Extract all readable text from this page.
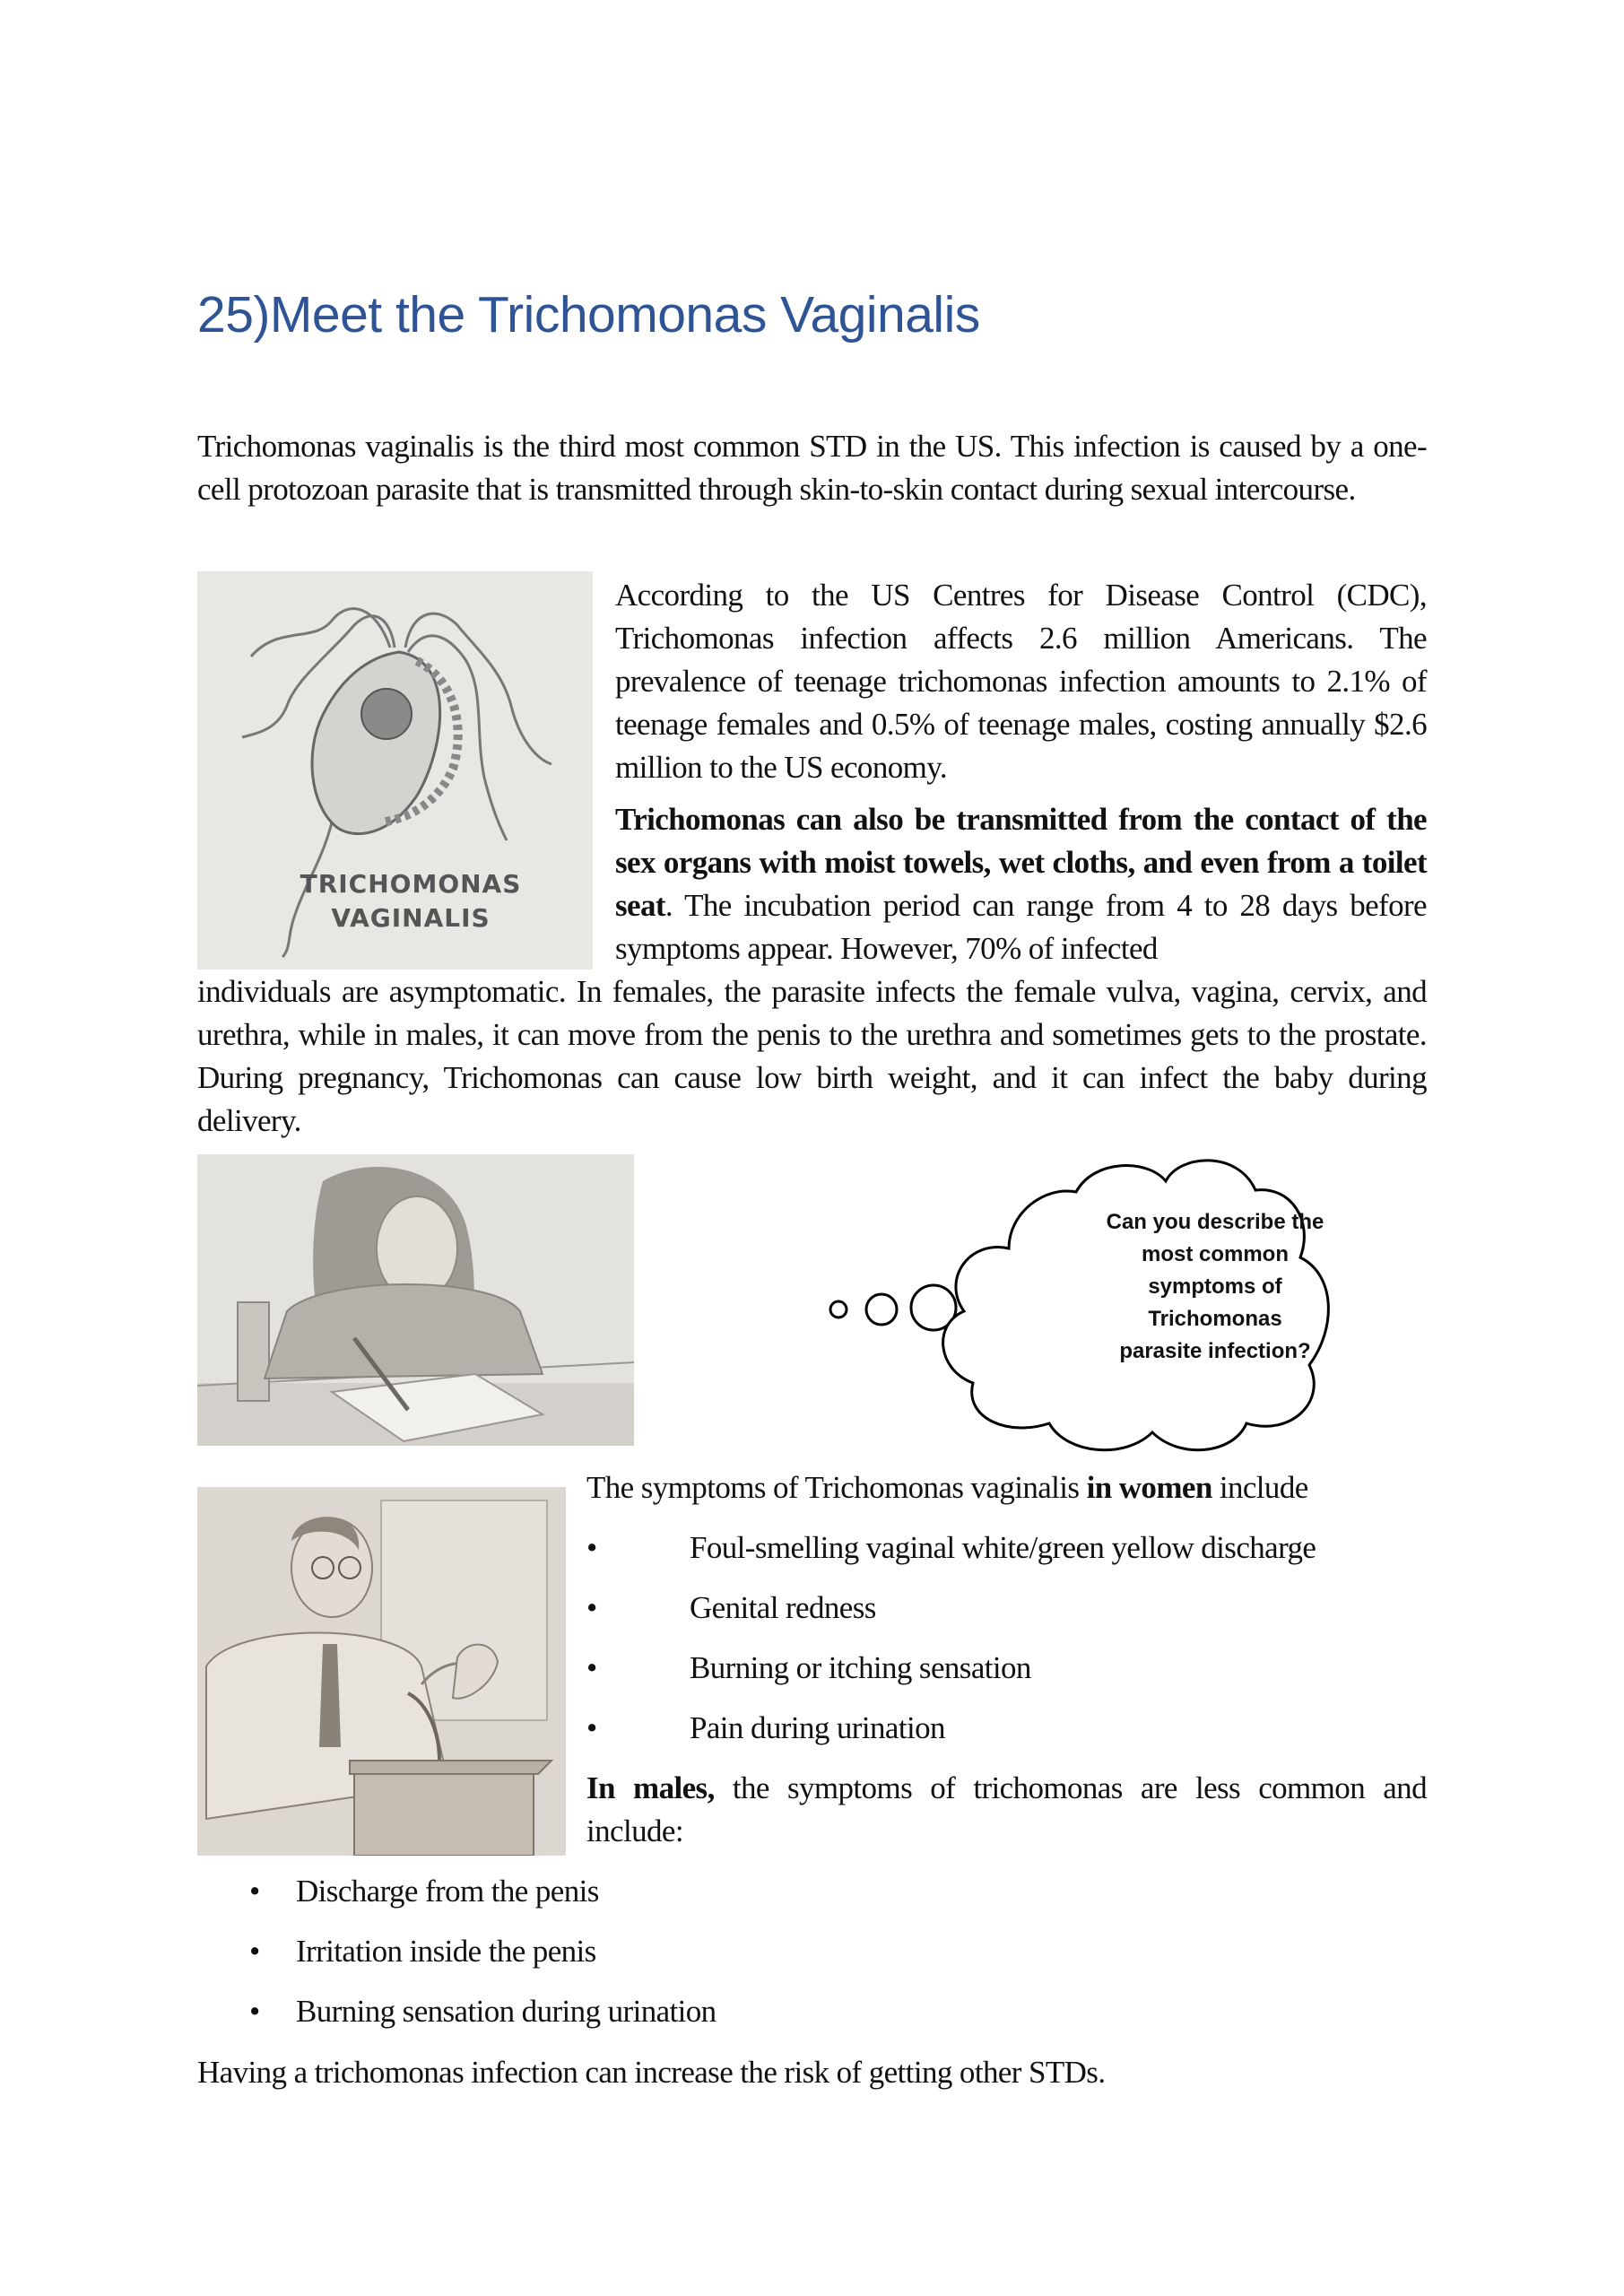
25)Meet the Trichomonas Vaginalis
Trichomonas vaginalis is the third most common STD in the US. This infection is caused by a one-cell protozoan parasite that is transmitted through skin-to-skin contact during sexual intercourse.
TRICHOMONAS
VAGINALIS
According to the US Centres for Disease Control (CDC), Trichomonas infection affects 2.6 million Americans. The prevalence of teenage trichomonas infection amounts to 2.1% of teenage females and 0.5% of teenage males, costing annually $2.6 million to the US economy.
Trichomonas can also be transmitted from the contact of the sex organs with moist towels, wet cloths, and even from a toilet seat. The incubation period can range from 4 to 28 days before symptoms appear. However, 70% of infected
individuals are asymptomatic. In females, the parasite infects the female vulva, vagina, cervix, and urethra, while in males, it can move from the penis to the urethra and sometimes gets to the prostate. During pregnancy, Trichomonas can cause low birth weight, and it can infect the baby during delivery.
Can you describe the
most common
symptoms of
Trichomonas
parasite infection?
The symptoms of Trichomonas vaginalis in women include
•	Foul-smelling vaginal white/green yellow discharge
•	Genital redness
•	Burning or itching sensation
•	Pain during urination
In males, the symptoms of trichomonas are less common and include:
•	Discharge from the penis
•	Irritation inside the penis
•	Burning sensation during urination
Having a trichomonas infection can increase the risk of getting other STDs.
